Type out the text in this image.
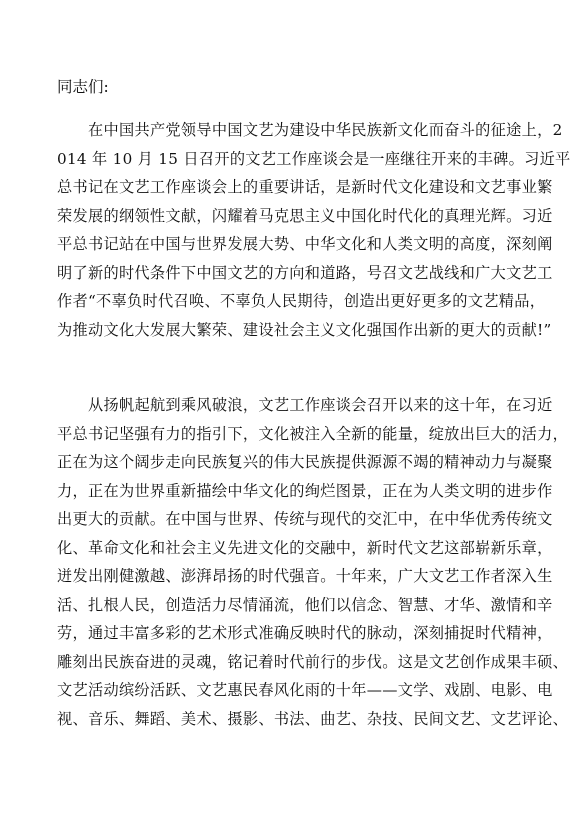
同志们:
在中国共产党领导中国文艺为建设中华民族新文化而奋斗的征途上，2
014 年 10 月 15 日召开的文艺工作座谈会是一座继往开来的丰碑。习近平
总书记在文艺工作座谈会上的重要讲话，是新时代文化建设和文艺事业繁
荣发展的纲领性文献，闪耀着马克思主义中国化时代化的真理光辉。习近
平总书记站在中国与世界发展大势、中华文化和人类文明的高度，深刻阐
明了新的时代条件下中国文艺的方向和道路，号召文艺战线和广大文艺工
作者“不辜负时代召唤、不辜负人民期待，创造出更好更多的文艺精品，
为推动文化大发展大繁荣、建设社会主义文化强国作出新的更大的贡献!”
从扬帆起航到乘风破浪，文艺工作座谈会召开以来的这十年，在习近
平总书记坚强有力的指引下，文化被注入全新的能量，绽放出巨大的活力，
正在为这个阔步走向民族复兴的伟大民族提供源源不竭的精神动力与凝聚
力，正在为世界重新描绘中华文化的绚烂图景，正在为人类文明的进步作
出更大的贡献。在中国与世界、传统与现代的交汇中，在中华优秀传统文
化、革命文化和社会主义先进文化的交融中，新时代文艺这部崭新乐章，
迸发出刚健激越、澎湃昂扬的时代强音。十年来，广大文艺工作者深入生
活、扎根人民，创造活力尽情涌流，他们以信念、智慧、才华、激情和辛
劳，通过丰富多彩的艺术形式准确反映时代的脉动，深刻捕捉时代精神，
雕刻出民族奋进的灵魂，铭记着时代前行的步伐。这是文艺创作成果丰硕、
文艺活动缤纷活跃、文艺惠民春风化雨的十年——文学、戏剧、电影、电
视、音乐、舞蹈、美术、摄影、书法、曲艺、杂技、民间文艺、文艺评论、
